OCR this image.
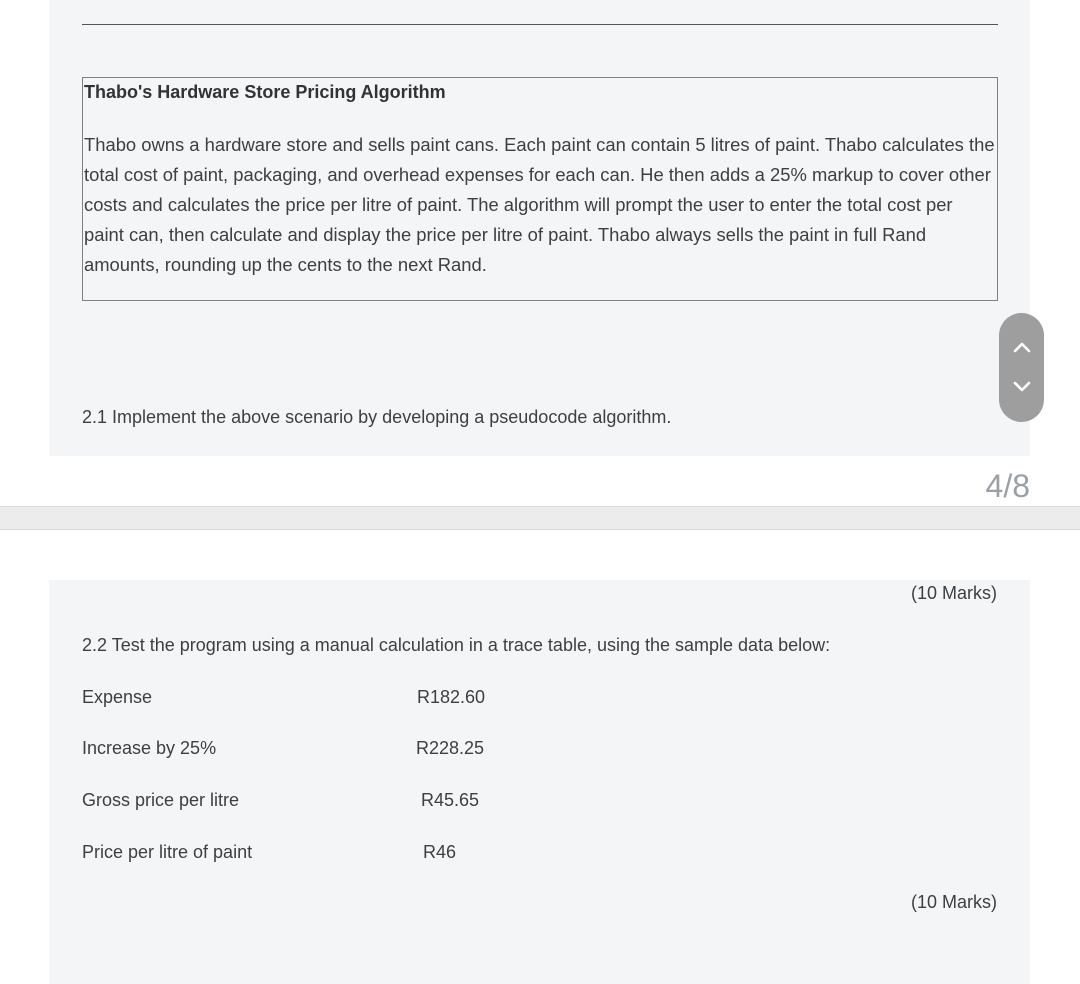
Thabo's Hardware Store Pricing Algorithm
Thabo owns a hardware store and sells paint cans. Each paint can contain 5 litres of paint. Thabo calculates the total cost of paint, packaging, and overhead expenses for each can. He then adds a 25% markup to cover other costs and calculates the price per litre of paint. The algorithm will prompt the user to enter the total cost per paint can, then calculate and display the price per litre of paint. Thabo always sells the paint in full Rand amounts, rounding up the cents to the next Rand.
2.1 Implement the above scenario by developing a pseudocode algorithm.
4/8
(10 Marks)
2.2 Test the program using a manual calculation in a trace table, using the sample data below:
Expense	R182.60
Increase by 25%	R228.25
Gross price per litre	R45.65
Price per litre of paint	R46
(10 Marks)
